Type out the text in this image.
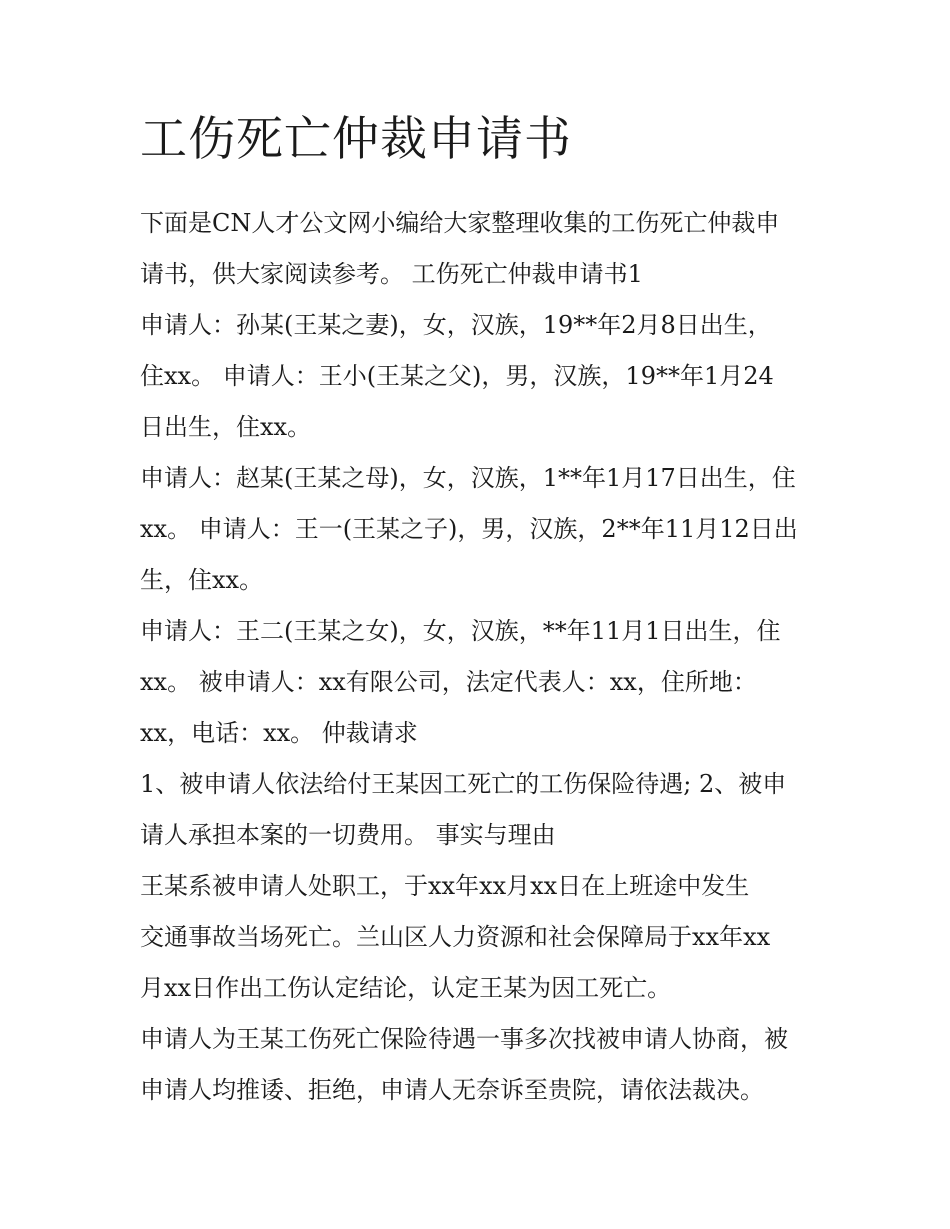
工伤死亡仲裁申请书
下面是CN人才公文网小编给大家整理收集的工伤死亡仲裁申
请书，供大家阅读参考。 工伤死亡仲裁申请书1
申请人：孙某(王某之妻)，女，汉族，19**年2月8日出生，
住xx。 申请人：王小(王某之父)，男，汉族，19**年1月24
日出生，住xx。
申请人：赵某(王某之母)，女，汉族，1**年1月17日出生，住
xx。 申请人：王一(王某之子)，男，汉族，2**年11月12日出
生，住xx。
申请人：王二(王某之女)，女，汉族，**年11月1日出生，住
xx。 被申请人：xx有限公司，法定代表人：xx，住所地：
xx，电话：xx。 仲裁请求
1、被申请人依法给付王某因工死亡的工伤保险待遇; 2、被申
请人承担本案的一切费用。 事实与理由
王某系被申请人处职工，于xx年xx月xx日在上班途中发生
交通事故当场死亡。兰山区人力资源和社会保障局于xx年xx
月xx日作出工伤认定结论，认定王某为因工死亡。
申请人为王某工伤死亡保险待遇一事多次找被申请人协商，被
申请人均推诿、拒绝，申请人无奈诉至贵院，请依法裁决。
